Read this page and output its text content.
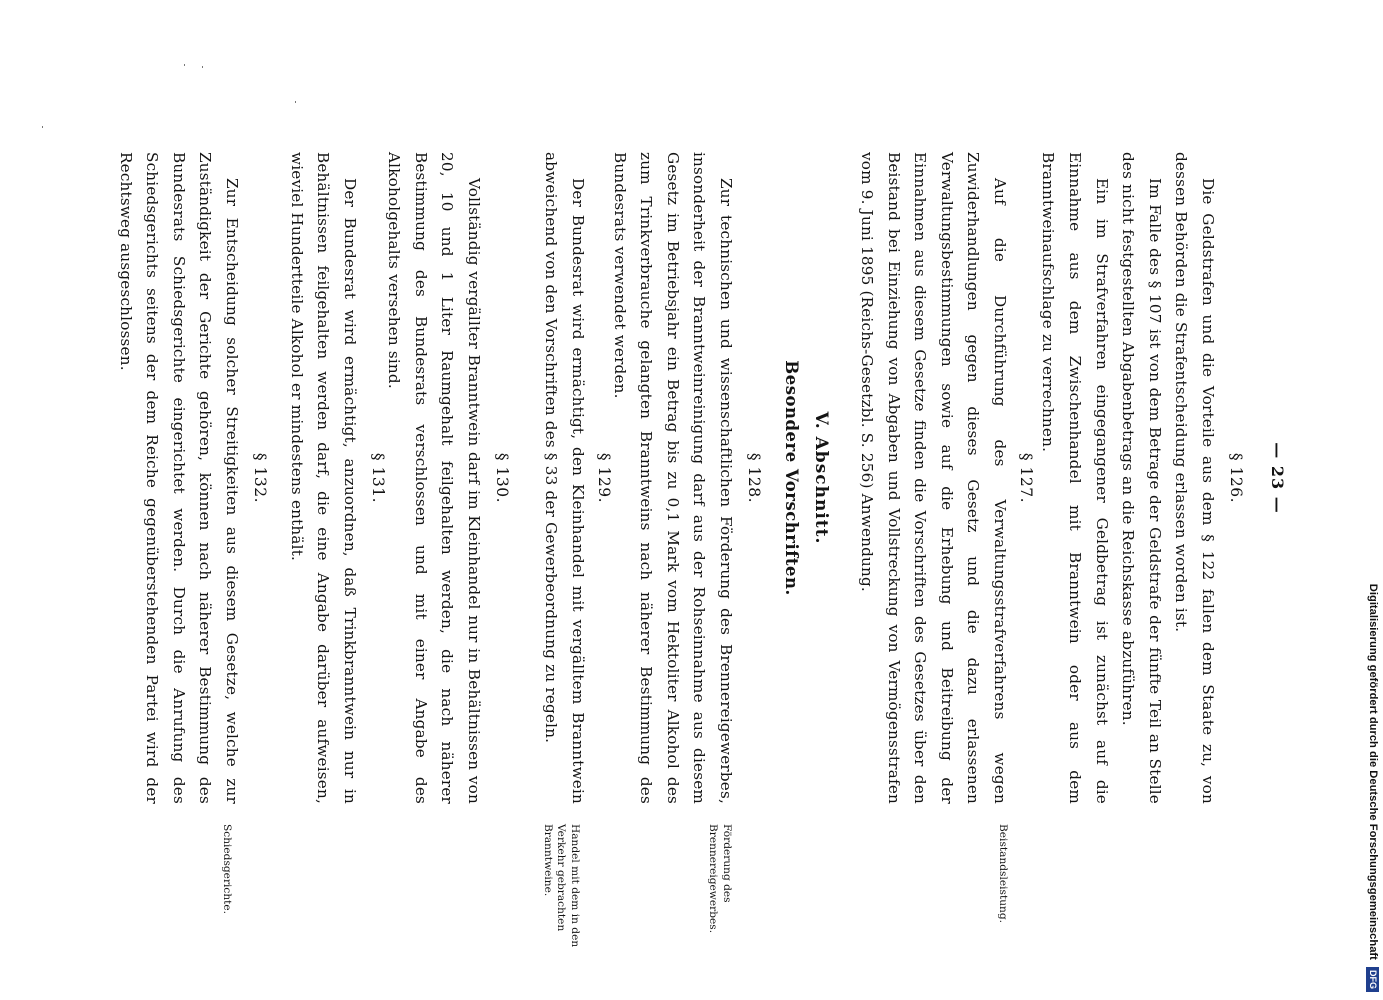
— 23 —
§ 126.

Die Geldstrafen und die Vorteile aus dem § 122 fallen dem Staate zu, von dessen Behörden die Strafentscheidung erlassen worden ist.

Im Falle des § 107 ist von dem Betrage der Geldstrafe der fünfte Teil an Stelle des nicht festgestellten Abgabenbetrags an die Reichskasse abzuführen.

Ein im Strafverfahren eingegangener Geldbetrag ist zunächst auf die Einnahme aus dem Zwischenhandel mit Branntwein oder aus dem Branntweinaufschlage zu verrechnen.

§ 127.

Auf die Durchführung des Verwaltungsstrafverfahrens wegen Zuwiderhandlungen gegen dieses Gesetz und die dazu erlassenen Verwaltungsbestimmungen sowie auf die Erhebung und Beitreibung der Einnahmen aus diesem Gesetze finden die Vorschriften des Gesetzes über den Beistand bei Einziehung von Abgaben und Vollstreckung von Vermögensstrafen vom 9. Juni 1895 (Reichs-Gesetzbl. S. 256) Anwendung.

Beistandsleistung.
V. Abschnitt.
Besondere Vorschriften.
§ 128.

Zur technischen und wissenschaftlichen Förderung des Brennereigewerbes, insonderheit der Branntweinreinigung darf aus der Rohseinnahme aus diesem Gesetz im Betriebsjahr ein Betrag bis zu 0,1 Mark vom Hektoliter Alkohol des zum Trinkverbrauche gelangten Branntweins nach näherer Bestimmung des Bundesrats verwendet werden.

Förderung des Brennereigewerbes.
§ 129.

Der Bundesrat wird ermächtigt, den Kleinhandel mit vergälltem Branntwein abweichend von den Vorschriften des § 33 der Gewerbeordnung zu regeln.

Handel mit dem in den Verkehr gebrachten Branntweine.
§ 130.

Vollständig vergällter Branntwein darf im Kleinhandel nur in Behältnissen von 20, 10 und 1 Liter Raumgehalt feilgehalten werden, die nach näherer Bestimmung des Bundesrats verschlossen und mit einer Angabe des Alkoholgehalts versehen sind.

§ 131.

Der Bundesrat wird ermächtigt, anzuordnen, daß Trinkbranntwein nur in Behältnissen feilgehalten werden darf, die eine Angabe darüber aufweisen, wieviel Hundertteile Alkohol er mindestens enthält.

§ 132.

Zur Entscheidung solcher Streitigkeiten aus diesem Gesetze, welche zur Zuständigkeit der Gerichte gehören, können nach näherer Bestimmung des Bundesrats Schiedsgerichte eingerichtet werden. Durch die Anrufung des Schiedsgerichts seitens der dem Reiche gegenüberstehenden Partei wird der Rechtsweg ausgeschlossen.

Schiedsgerichte.	Digitalisierung gefördert durch die Deutsche Forschungsgemeinschaft DFG
